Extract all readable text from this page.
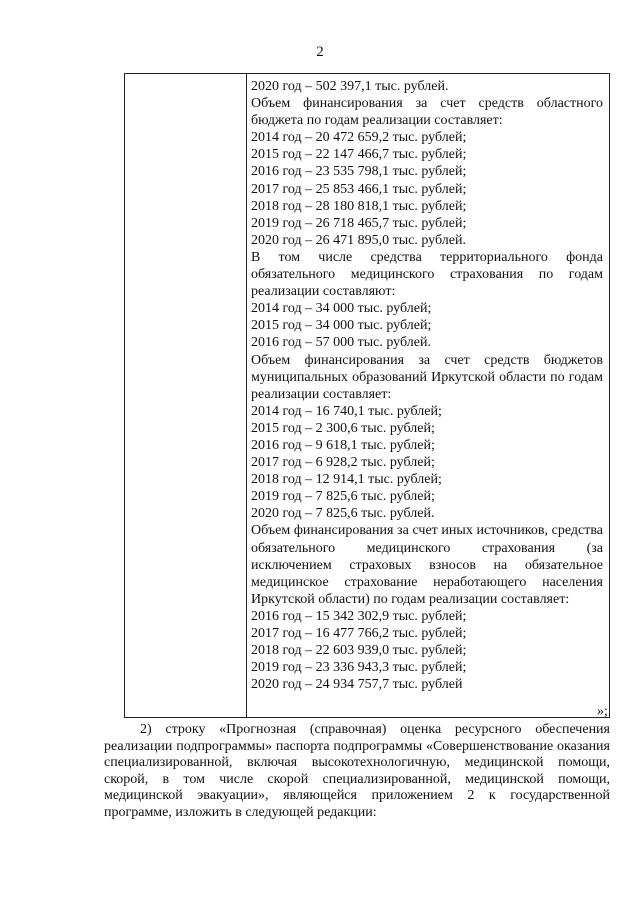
2

2020 год – 502 397,1 тыс. рублей.

Объем финансирования за счет средств областного бюджета по годам реализации составляет:

2014 год – 20 472 659,2 тыс. рублей;

2015 год – 22 147 466,7 тыс. рублей;

2016 год – 23 535 798,1 тыс. рублей;

2017 год – 25 853 466,1 тыс. рублей;

2018 год – 28 180 818,1 тыс. рублей;

2019 год – 26 718 465,7 тыс. рублей;

2020 год – 26 471 895,0 тыс. рублей.

В том числе средства территориального фонда обязательного медицинского страхования по годам реализации составляют:

2014 год – 34 000 тыс. рублей;

2015 год – 34 000 тыс. рублей;

2016 год – 57 000 тыс. рублей.

Объем финансирования за счет средств бюджетов муниципальных образований Иркутской области по годам реализации составляет:

2014 год – 16 740,1 тыс. рублей;

2015 год – 2 300,6 тыс. рублей;

2016 год – 9 618,1 тыс. рублей;

2017 год – 6 928,2 тыс. рублей;

2018 год – 12 914,1 тыс. рублей;

2019 год – 7 825,6 тыс. рублей;

2020 год – 7 825,6 тыс. рублей.

Объем финансирования за счет иных источников, средства обязательного медицинского страхования (за исключением страховых взносов на обязательное медицинское страхование неработающего населения Иркутской области) по годам реализации составляет:

2016 год – 15 342 302,9 тыс. рублей;

2017 год – 16 477 766,2 тыс. рублей;

2018 год – 22 603 939,0 тыс. рублей;

2019 год – 23 336 943,3 тыс. рублей;

2020 год – 24 934 757,7 тыс. рублей

»;
2) строку «Прогнозная (справочная) оценка ресурсного обеспечения реализации подпрограммы» паспорта подпрограммы «Совершенствование оказания специализированной, включая высокотехнологичную, медицинской помощи, скорой, в том числе скорой специализированной, медицинской помощи, медицинской эвакуации», являющейся приложением 2 к государственной программе, изложить в следующей редакции:
